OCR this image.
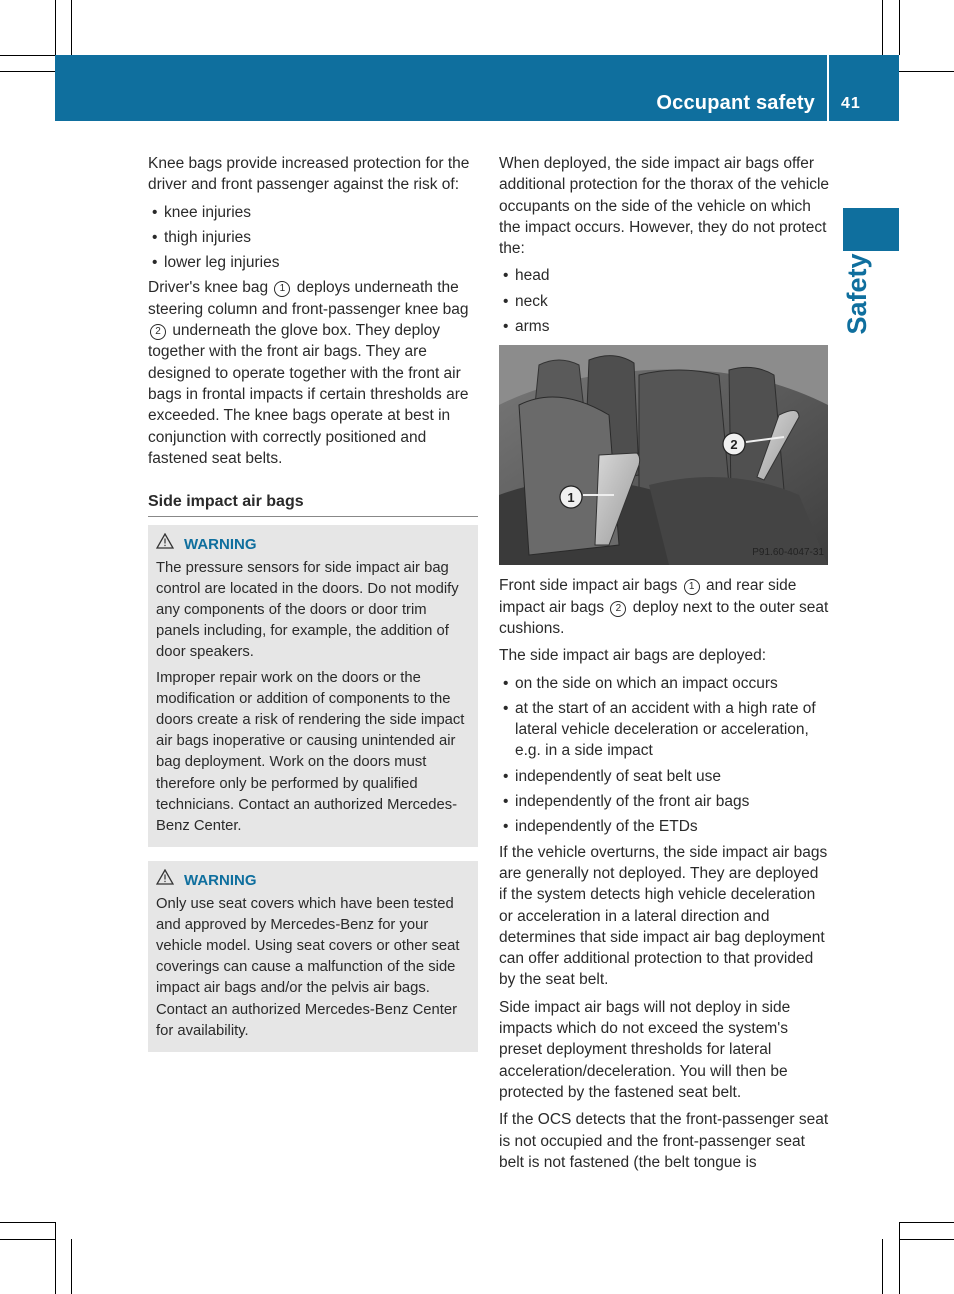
Occupant safety 41
Safety

Knee bags provide increased protection for the driver and front passenger against the risk of:

• knee injuries
• thigh injuries
• lower leg injuries

Driver's knee bag 1 deploys underneath the steering column and front-passenger knee bag 2 underneath the glove box. They deploy together with the front air bags. They are designed to operate together with the front air bags in frontal impacts if certain thresholds are exceeded. The knee bags operate at best in conjunction with correctly positioned and fastened seat belts.

Side impact air bags
WARNING

The pressure sensors for side impact air bag control are located in the doors. Do not modify any components of the doors or door trim panels including, for example, the addition of door speakers.

Improper repair work on the doors or the modification or addition of components to the doors create a risk of rendering the side impact air bags inoperative or causing unintended air bag deployment. Work on the doors must therefore only be performed by qualified technicians. Contact an authorized Mercedes-Benz Center.

WARNING

Only use seat covers which have been tested and approved by Mercedes-Benz for your vehicle model. Using seat covers or other seat coverings can cause a malfunction of the side impact air bags and/or the pelvis air bags. Contact an authorized Mercedes-Benz Center for availability.

When deployed, the side impact air bags offer additional protection for the thorax of the vehicle occupants on the side of the vehicle on which the impact occurs. However, they do not protect the:

• head
• neck
• arms
1
2
P91.60-4047-31

Front side impact air bags 1 and rear side impact air bags 2 deploy next to the outer seat cushions.

The side impact air bags are deployed:

• on the side on which an impact occurs
• at the start of an accident with a high rate of lateral vehicle deceleration or acceleration, e.g. in a side impact
• independently of seat belt use
• independently of the front air bags
• independently of the ETDs

If the vehicle overturns, the side impact air bags are generally not deployed. They are deployed if the system detects high vehicle deceleration or acceleration in a lateral direction and determines that side impact air bag deployment can offer additional protection to that provided by the seat belt.

Side impact air bags will not deploy in side impacts which do not exceed the system's preset deployment thresholds for lateral acceleration/deceleration. You will then be protected by the fastened seat belt.

If the OCS detects that the front-passenger seat is not occupied and the front-passenger seat belt is not fastened (the belt tongue is
